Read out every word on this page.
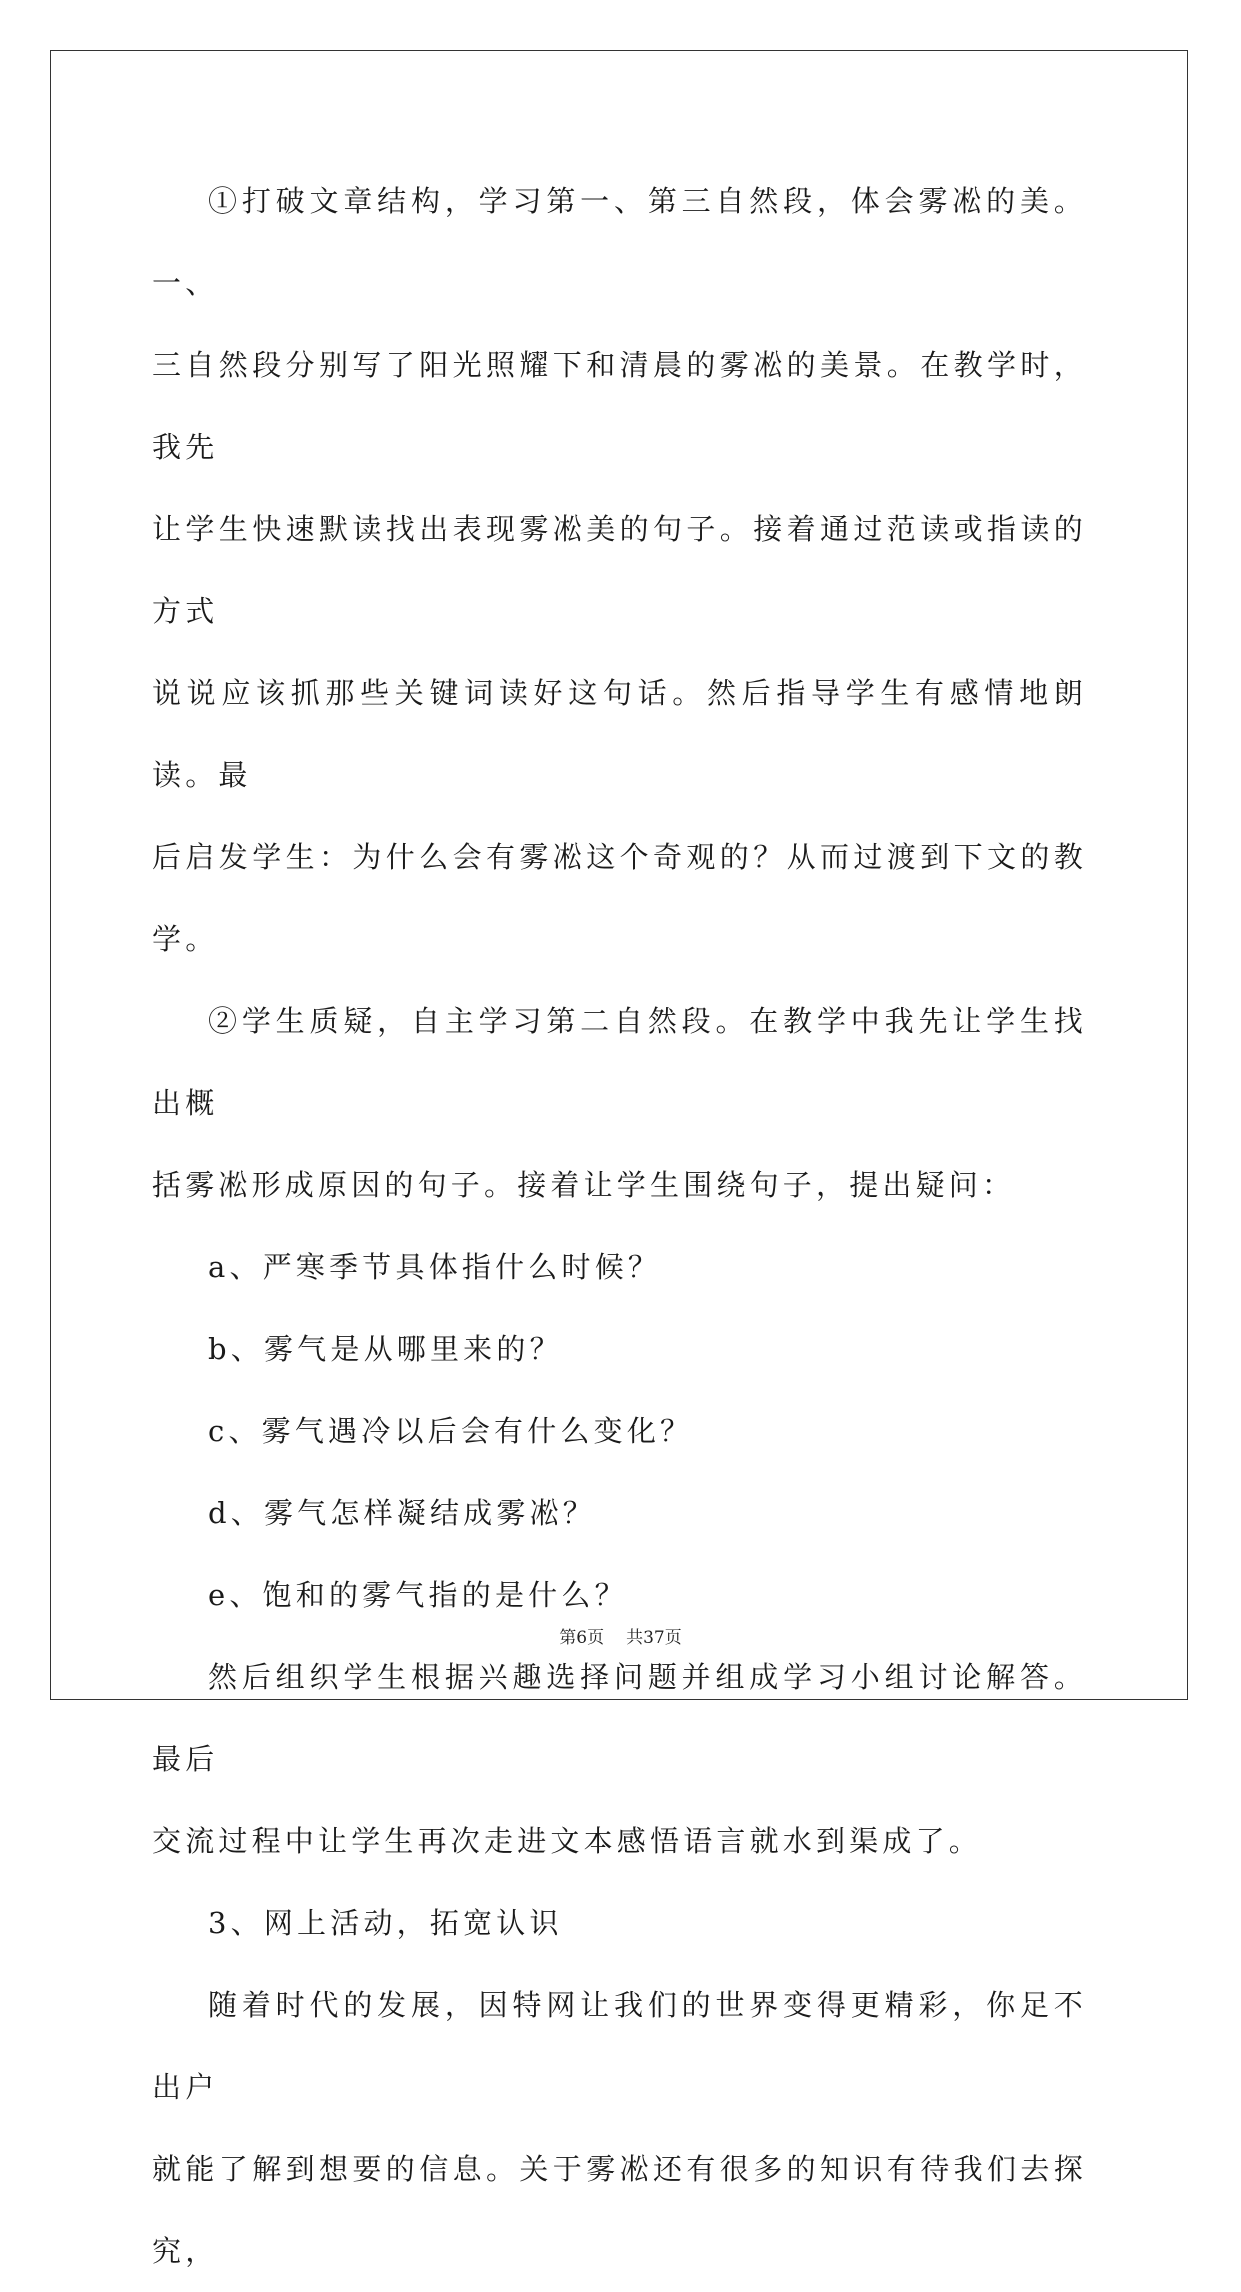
①打破文章结构，学习第一、第三自然段，体会雾凇的美。一、
三自然段分别写了阳光照耀下和清晨的雾凇的美景。在教学时，我先
让学生快速默读找出表现雾凇美的句子。接着通过范读或指读的方式
说说应该抓那些关键词读好这句话。然后指导学生有感情地朗读。最
后启发学生：为什么会有雾凇这个奇观的？从而过渡到下文的教学。

②学生质疑，自主学习第二自然段。在教学中我先让学生找出概
括雾凇形成原因的句子。接着让学生围绕句子，提出疑问：

a、严寒季节具体指什么时候？

b、雾气是从哪里来的？

c、雾气遇冷以后会有什么变化？

d、雾气怎样凝结成雾凇？

e、饱和的雾气指的是什么？

然后组织学生根据兴趣选择问题并组成学习小组讨论解答。最后
交流过程中让学生再次走进文本感悟语言就水到渠成了。

3、网上活动，拓宽认识

随着时代的发展，因特网让我们的世界变得更精彩，你足不出户
就能了解到想要的信息。关于雾凇还有很多的知识有待我们去探究，

第6页 共37页
